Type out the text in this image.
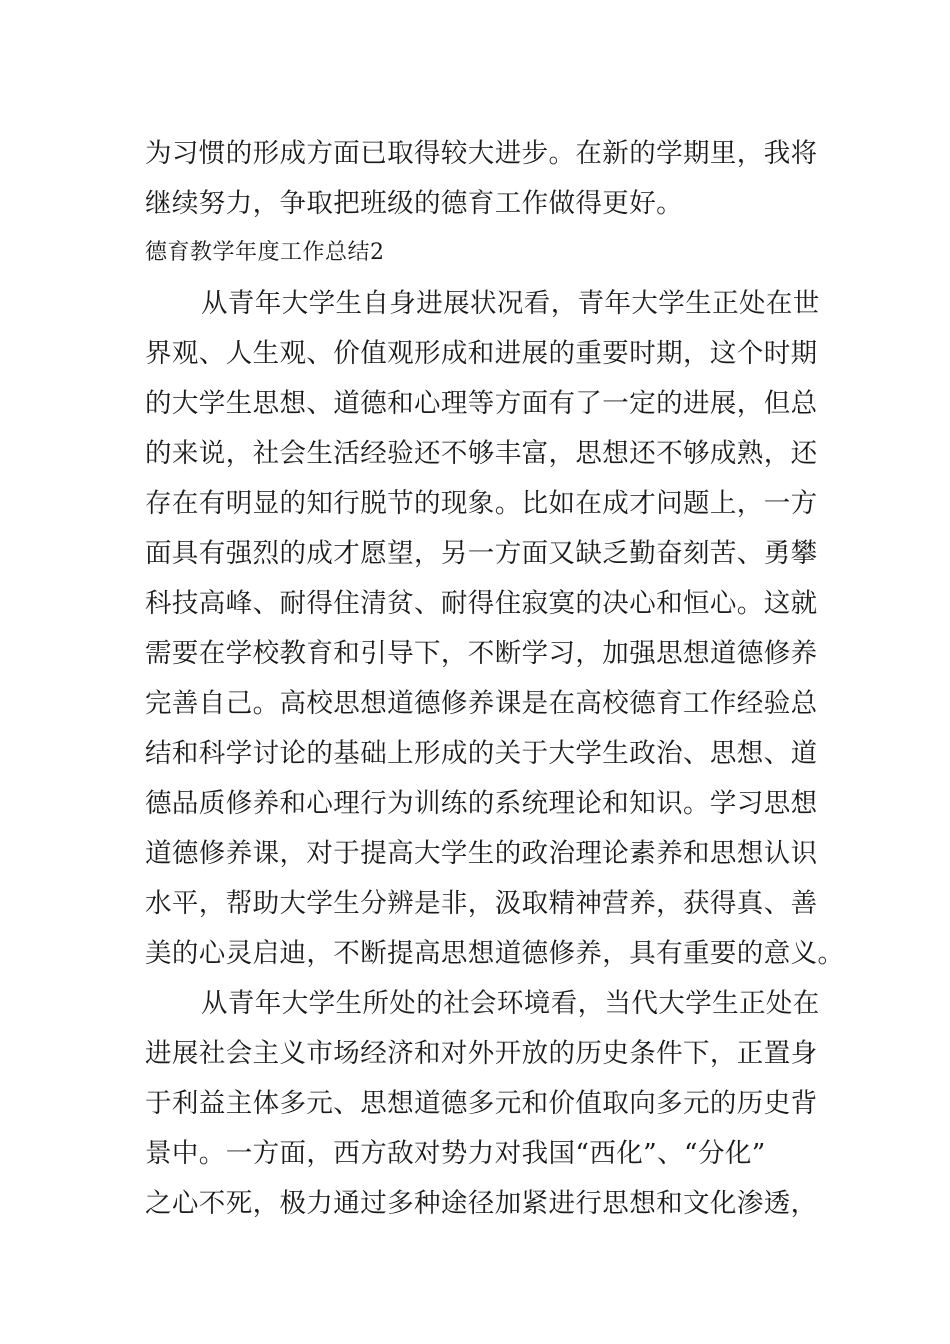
为习惯的形成方面已取得较大进步。在新的学期里，我将
继续努力，争取把班级的德育工作做得更好。
德育教学年度工作总结2
从青年大学生自身进展状况看，青年大学生正处在世
界观、人生观、价值观形成和进展的重要时期，这个时期
的大学生思想、道德和心理等方面有了一定的进展，但总
的来说，社会生活经验还不够丰富，思想还不够成熟，还
存在有明显的知行脱节的现象。比如在成才问题上，一方
面具有强烈的成才愿望，另一方面又缺乏勤奋刻苦、勇攀
科技高峰、耐得住清贫、耐得住寂寞的决心和恒心。这就
需要在学校教育和引导下，不断学习，加强思想道德修养
完善自己。高校思想道德修养课是在高校德育工作经验总
结和科学讨论的基础上形成的关于大学生政治、思想、道
德品质修养和心理行为训练的系统理论和知识。学习思想
道德修养课，对于提高大学生的政治理论素养和思想认识
水平，帮助大学生分辨是非，汲取精神营养，获得真、善
美的心灵启迪，不断提高思想道德修养，具有重要的意义。
从青年大学生所处的社会环境看，当代大学生正处在
进展社会主义市场经济和对外开放的历史条件下，正置身
于利益主体多元、思想道德多元和价值取向多元的历史背
景中。一方面，西方敌对势力对我国“西化”、“分化”
之心不死，极力通过多种途径加紧进行思想和文化渗透，
